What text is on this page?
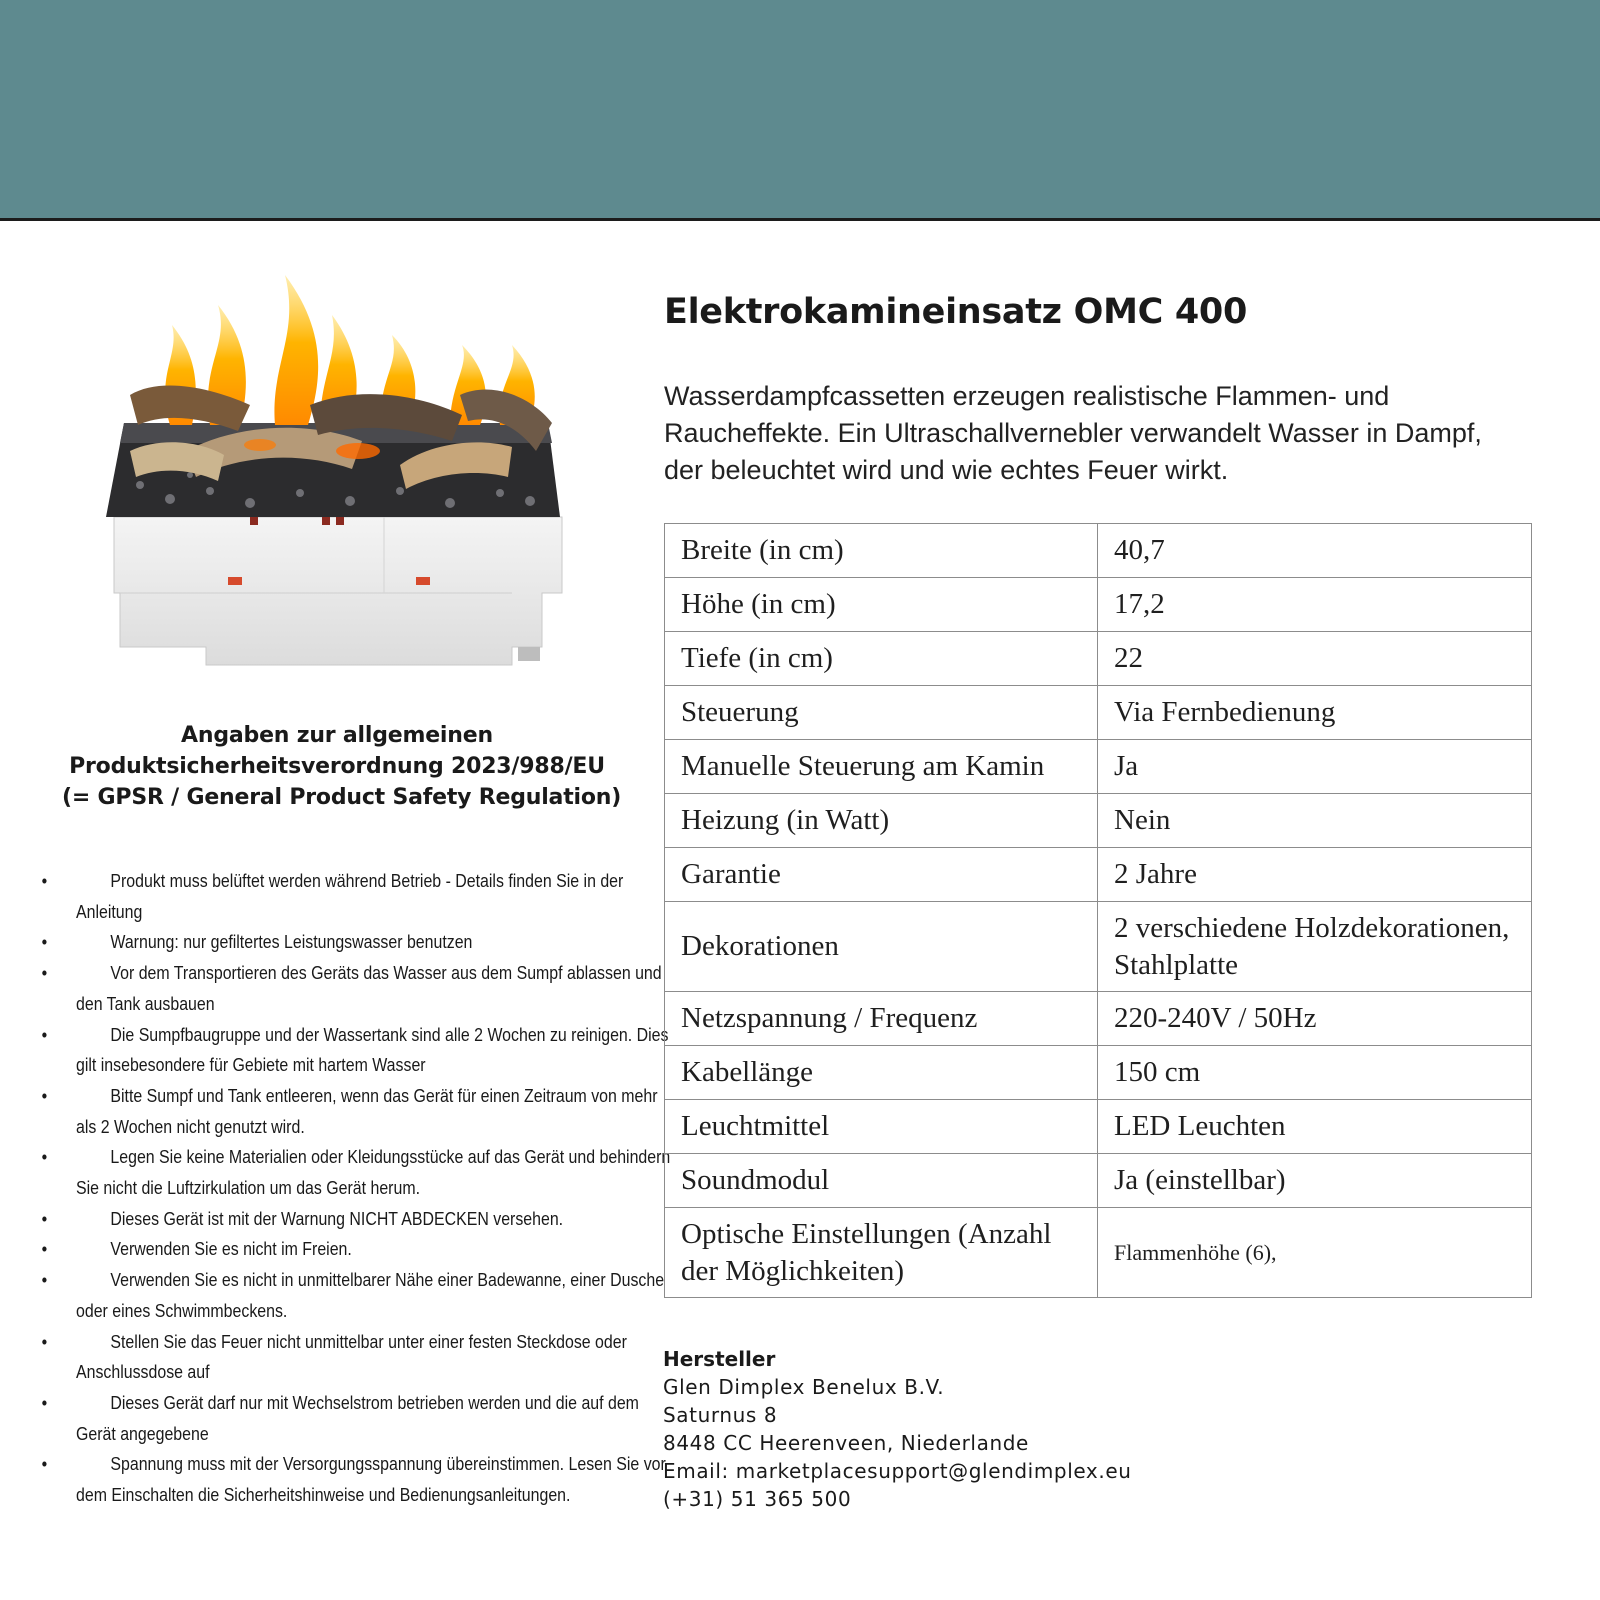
Angaben zur allgemeinen
Produktsicherheitsverordnung 2023/988/EU
(= GPSR / General Product Safety Regulation)
• Produkt muss belüftet werden während Betrieb - Details finden Sie in der Anleitung
• Warnung: nur gefiltertes Leistungswasser benutzen
• Vor dem Transportieren des Geräts das Wasser aus dem Sumpf ablassen und den Tank ausbauen
• Die Sumpfbaugruppe und der Wassertank sind alle 2 Wochen zu reinigen. Dies gilt insebesondere für Gebiete mit hartem Wasser
• Bitte Sumpf und Tank entleeren, wenn das Gerät für einen Zeitraum von mehr als 2 Wochen nicht genutzt wird.
• Legen Sie keine Materialien oder Kleidungsstücke auf das Gerät und behindern Sie nicht die Luftzirkulation um das Gerät herum.
• Dieses Gerät ist mit der Warnung NICHT ABDECKEN versehen.
• Verwenden Sie es nicht im Freien.
• Verwenden Sie es nicht in unmittelbarer Nähe einer Badewanne, einer Dusche oder eines Schwimmbeckens.
• Stellen Sie das Feuer nicht unmittelbar unter einer festen Steckdose oder Anschlussdose auf
• Dieses Gerät darf nur mit Wechselstrom betrieben werden und die auf dem Gerät angegebene
• Spannung muss mit der Versorgungsspannung übereinstimmen. Lesen Sie vor dem Einschalten die Sicherheitshinweise und Bedienungsanleitungen.
Elektrokamineinsatz OMC 400

Wasserdampfcassetten erzeugen realistische Flammen- und Raucheffekte. Ein Ultraschallvernebler verwandelt Wasser in Dampf, der beleuchtet wird und wie echtes Feuer wirkt.

Breite (in cm)	40,7
Höhe (in cm)	17,2
Tiefe (in cm)	22
Steuerung	Via Fernbedienung
Manuelle Steuerung am Kamin	Ja
Heizung (in Watt)	Nein
Garantie	2 Jahre
Dekorationen	2 verschiedene Holzdekorationen, Stahlplatte
Netzspannung / Frequenz	220-240V / 50Hz
Kabellänge	150 cm
Leuchtmittel	LED Leuchten
Soundmodul	Ja (einstellbar)
Optische Einstellungen (Anzahl der Möglichkeiten)	Flammenhöhe (6),
Hersteller
Glen Dimplex Benelux B.V.
Saturnus 8
8448 CC Heerenveen, Niederlande
Email: marketplacesupport@glendimplex.eu
(+31) 51 365 500
